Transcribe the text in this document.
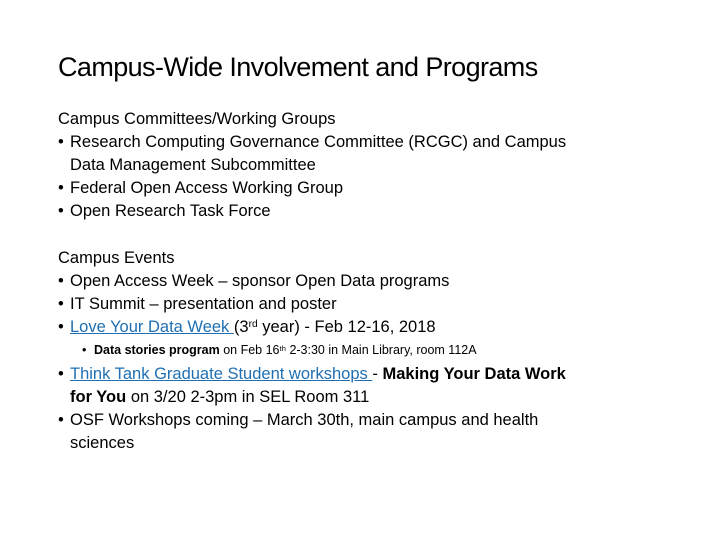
Campus-Wide Involvement and Programs
Campus Committees/Working Groups
• Research Computing Governance Committee (RCGC) and Campus
Data Management Subcommittee
• Federal Open Access Working Group
• Open Research Task Force
Campus Events
• Open Access Week – sponsor Open Data programs
• IT Summit – presentation and poster
• Love Your Data Week (3rd year) - Feb 12-16, 2018
• Data stories program on Feb 16th 2-3:30 in Main Library, room 112A
• Think Tank Graduate Student workshops - Making Your Data Work
for You on 3/20 2-3pm in SEL Room 311
• OSF Workshops coming – March 30th, main campus and health
sciences
